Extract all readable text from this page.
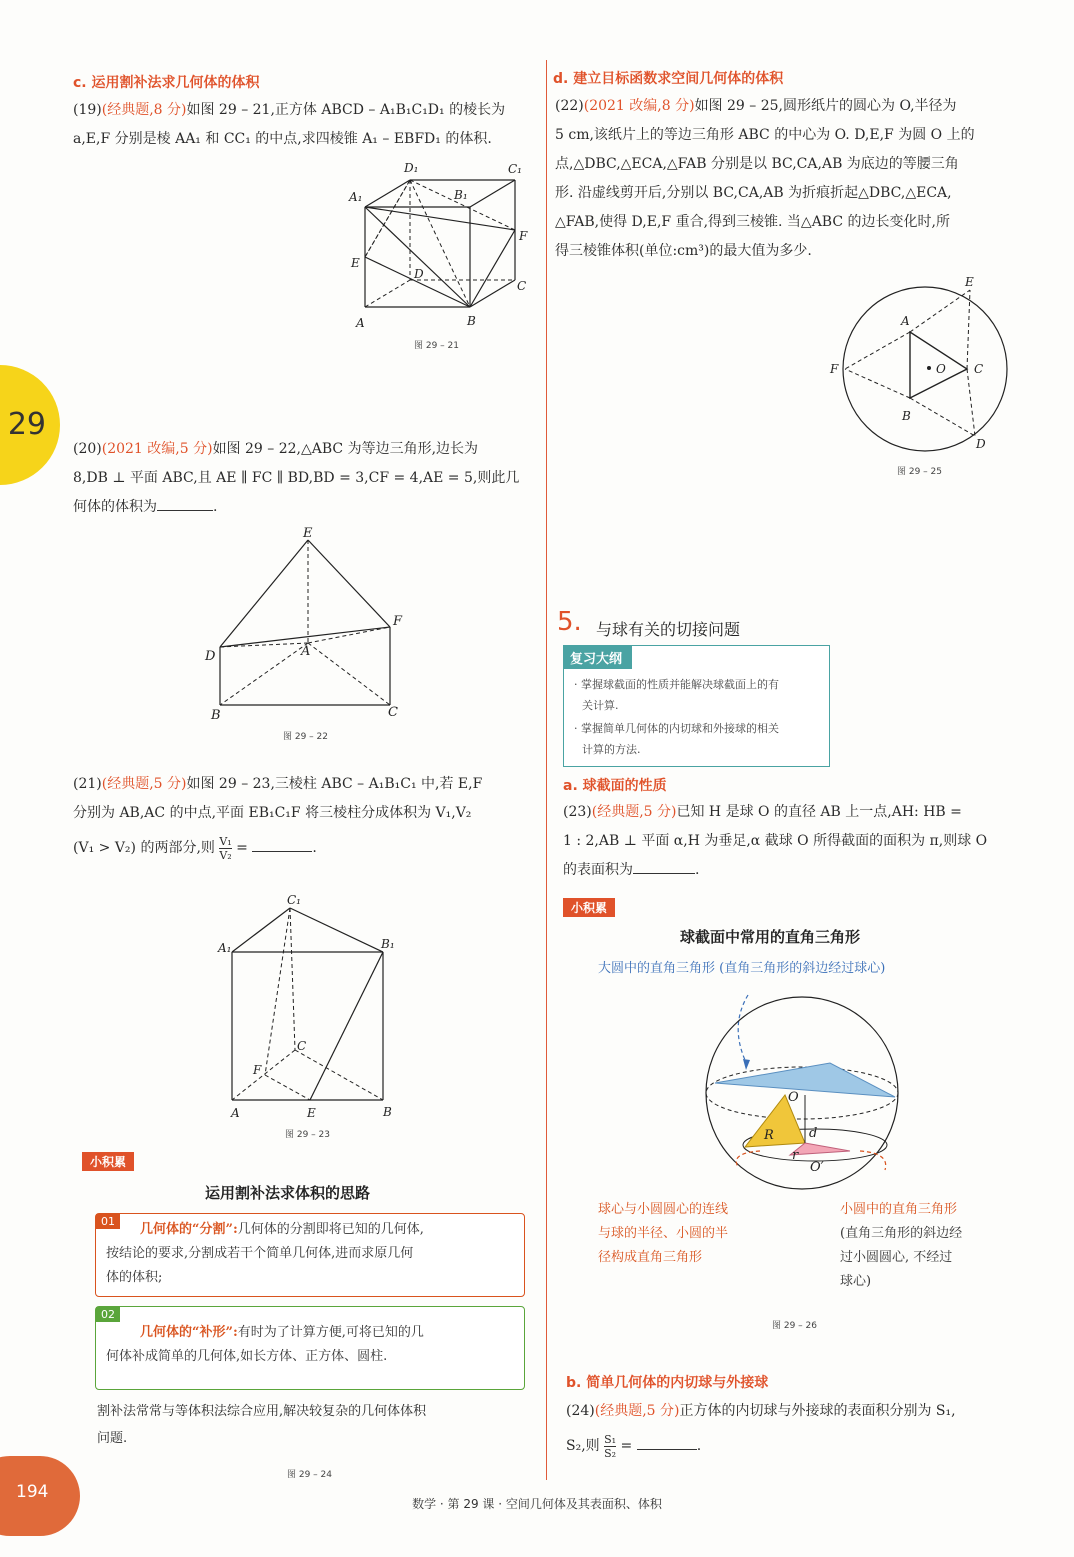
29
c. 运用割补法求几何体的体积
(19)(经典题,8 分)如图 29 – 21,正方体 ABCD – A₁B₁C₁D₁ 的棱长为
a,E,F 分别是棱 AA₁ 和 CC₁ 的中点,求四棱锥 A₁ – EBFD₁ 的体积.
D₁	C₁
A₁	B₁
F
E
D
C
A	B
图 29 – 21
(20)(2021 改编,5 分)如图 29 – 22,△ABC 为等边三角形,边长为
8,DB ⊥ 平面 ABC,且 AE ∥ FC ∥ BD,BD = 3,CF = 4,AE = 5,则此几
何体的体积为	.
E
F
D	A
B	C
图 29 – 22
(21)(经典题,5 分)如图 29 – 23,三棱柱 ABC – A₁B₁C₁ 中,若 E,F
分别为 AB,AC 的中点,平面 EB₁C₁F 将三棱柱分成体积为 V₁,V₂
(V₁ > V₂) 的两部分,则 $\frac{\text{V₁}}{\text{V₂}}$ =	.
C₁
A₁	B₁
C
F
A	E	B
图 29 – 23
小积累
运用割补法求体积的思路
01
几何体的“分割”:几何体的分割即将已知的几何体,
按结论的要求,分割成若干个简单几何体,进而求原几何
体的体积;
02
几何体的“补形”:有时为了计算方便,可将已知的几
何体补成简单的几何体,如长方体、正方体、圆柱.
割补法常常与等体积法综合应用,解决较复杂的几何体体积
问题.
图 29 – 24
d. 建立目标函数求空间几何体的体积
(22)(2021 改编,8 分)如图 29 – 25,圆形纸片的圆心为 O,半径为
5 cm,该纸片上的等边三角形 ABC 的中心为 O. D,E,F 为圆 O 上的
点,△DBC,△ECA,△FAB 分别是以 BC,CA,AB 为底边的等腰三角
形. 沿虚线剪开后,分别以 BC,CA,AB 为折痕折起△DBC,△ECA,
△FAB,使得 D,E,F 重合,得到三棱锥. 当△ABC 的边长变化时,所
得三棱锥体积(单位:cm³)的最大值为多少.
E
A
F	O C
B
D
图 29 – 25
5. 与球有关的切接问题
复习大纲
· 掌握球截面的性质并能解决球截面上的有
关计算.
· 掌握简单几何体的内切球和外接球的相关
计算的方法.
a. 球截面的性质
(23)(经典题,5 分)已知 H 是球 O 的直径 AB 上一点,AH: HB =
1 : 2,AB ⊥ 平面 α,H 为垂足,α 截球 O 所得截面的面积为 π,则球 O
的表面积为	.
小积累
球截面中常用的直角三角形
大圆中的直角三角形 (直角三角形的斜边经过球心)
O
R	d
r
O′
球心与小圆圆心的连线
与球的半径、小圆的半
径构成直角三角形
小圆中的直角三角形
(直角三角形的斜边经
过小圆圆心, 不经过
球心)
图 29 – 26
b. 简单几何体的内切球与外接球
(24)(经典题,5 分)正方体的内切球与外接球的表面积分别为 S₁,
S₂,则 $\frac{\text{S₁}}{\text{S₂}}$ =	.
194
数学 · 第 29 课 · 空间几何体及其表面积、体积
